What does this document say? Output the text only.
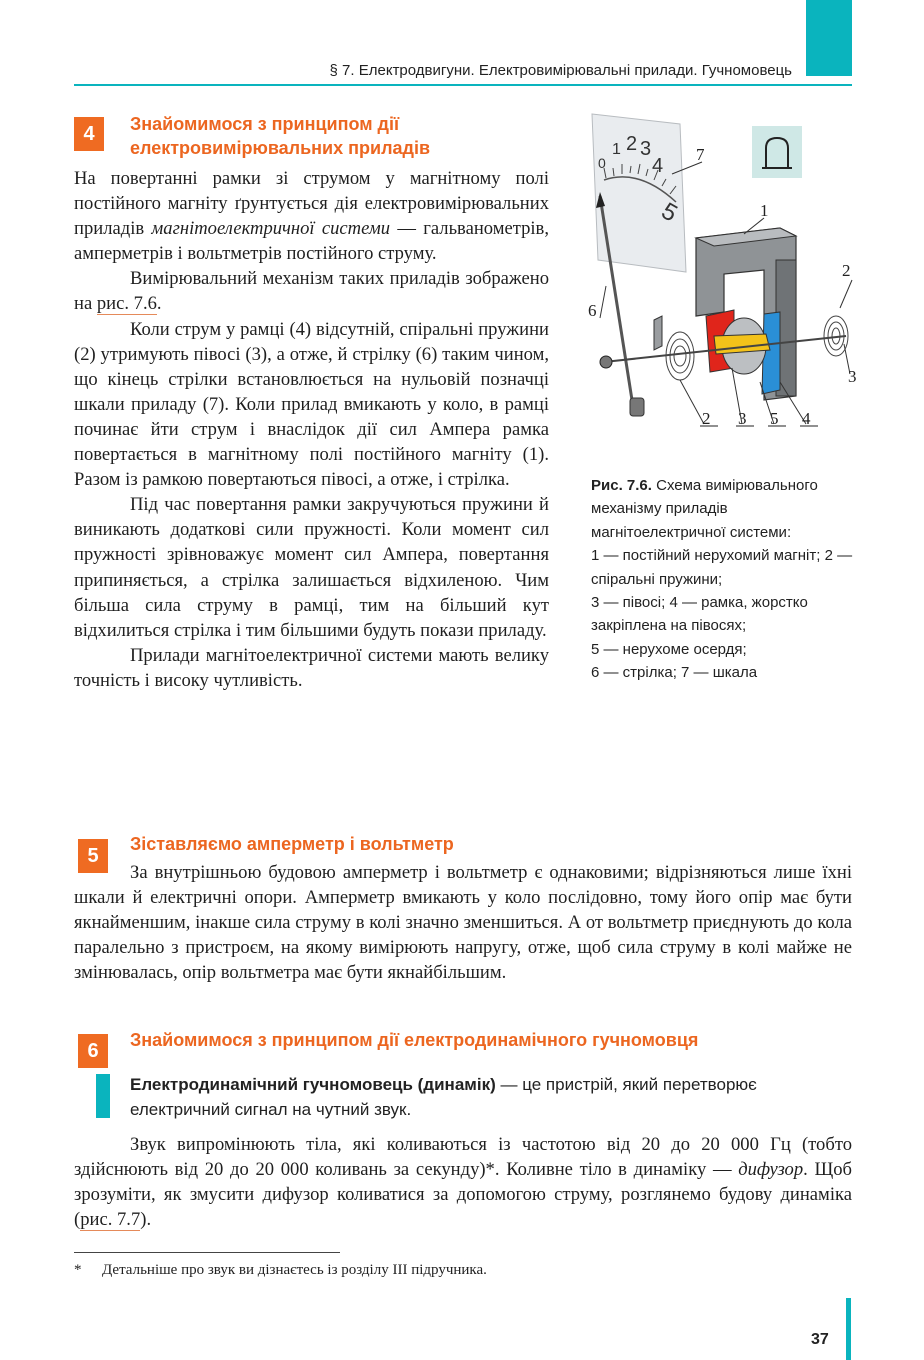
§ 7. Електродвигуни. Електровимірювальні прилади. Гучномовець
4	Знайомимося з принципом дії
електровимірювальних приладів
На повертанні рамки зі струмом у магнітному полі постійного магніту ґрунтується дія електровимірювальних приладів магнітоелектричної системи — гальванометрів, амперметрів і вольтметрів постійного струму.
Вимірювальний механізм таких приладів зображено на рис. 7.6.
Коли струм у рамці (4) відсутній, спіральні пружини (2) утримують півосі (3), а отже, й стрілку (6) таким чином, що кінець стрілки встановлюється на нульовій позначці шкали приладу (7). Коли прилад вмикають у коло, в рамці починає йти струм і внаслідок дії сил Ампера рамка повертається в магнітному полі постійного магніту (1). Разом із рамкою повертаються півосі, а отже, і стрілка.
Під час повертання рамки закручуються пружини й виникають додаткові сили пружності. Коли момент сил пружності зрівноважує момент сил Ампера, повертання припиняється, а стрілка залишається відхиленою. Чим більша сила струму в рамці, тим на більший кут відхилиться стрілка і тим більшими будуть покази приладу.
Прилади магнітоелектричної системи мають велику точність і високу чутливість.
0
1 2 3
4
5
7
1
2
6
3
2 3 5 4
Рис. 7.6. Схема вимірювального механізму приладів магнітоелектричної системи:
1 — постійний нерухомий магніт; 2 — спіральні пружини;
3 — півосі; 4 — рамка, жорстко закріплена на півосях;
5 — нерухоме осердя;
6 — стрілка; 7 — шкала
5
Зіставляємо амперметр і вольтметр
За внутрішньою будовою амперметр і вольтметр є однаковими; відрізняються лише їхні шкали й електричні опори. Амперметр вмикають у коло послідовно, тому його опір має бути якнайменшим, інакше сила струму в колі значно зменшиться. А от вольтметр приєднують до кола паралельно з пристроєм, на якому вимірюють напругу, отже, щоб сила струму в колі майже не змінювалась, опір вольтметра має бути якнайбільшим.
6	Знайомимося з принципом дії електродинамічного гучномовця
Електродинамічний гучномовець (динамік) — це пристрій, який перетворює електричний сигнал на чутний звук.
Звук випромінюють тіла, які коливаються із частотою від 20 до 20 000 Гц (тобто здійснюють від 20 до 20 000 коливань за секунду)*. Коливне тіло в динаміку — дифузор. Щоб зрозуміти, як змусити дифузор коливатися за допомогою струму, розглянемо будову динаміка (рис. 7.7).
* Детальніше про звук ви дізнаєтесь із розділу III підручника.
37
